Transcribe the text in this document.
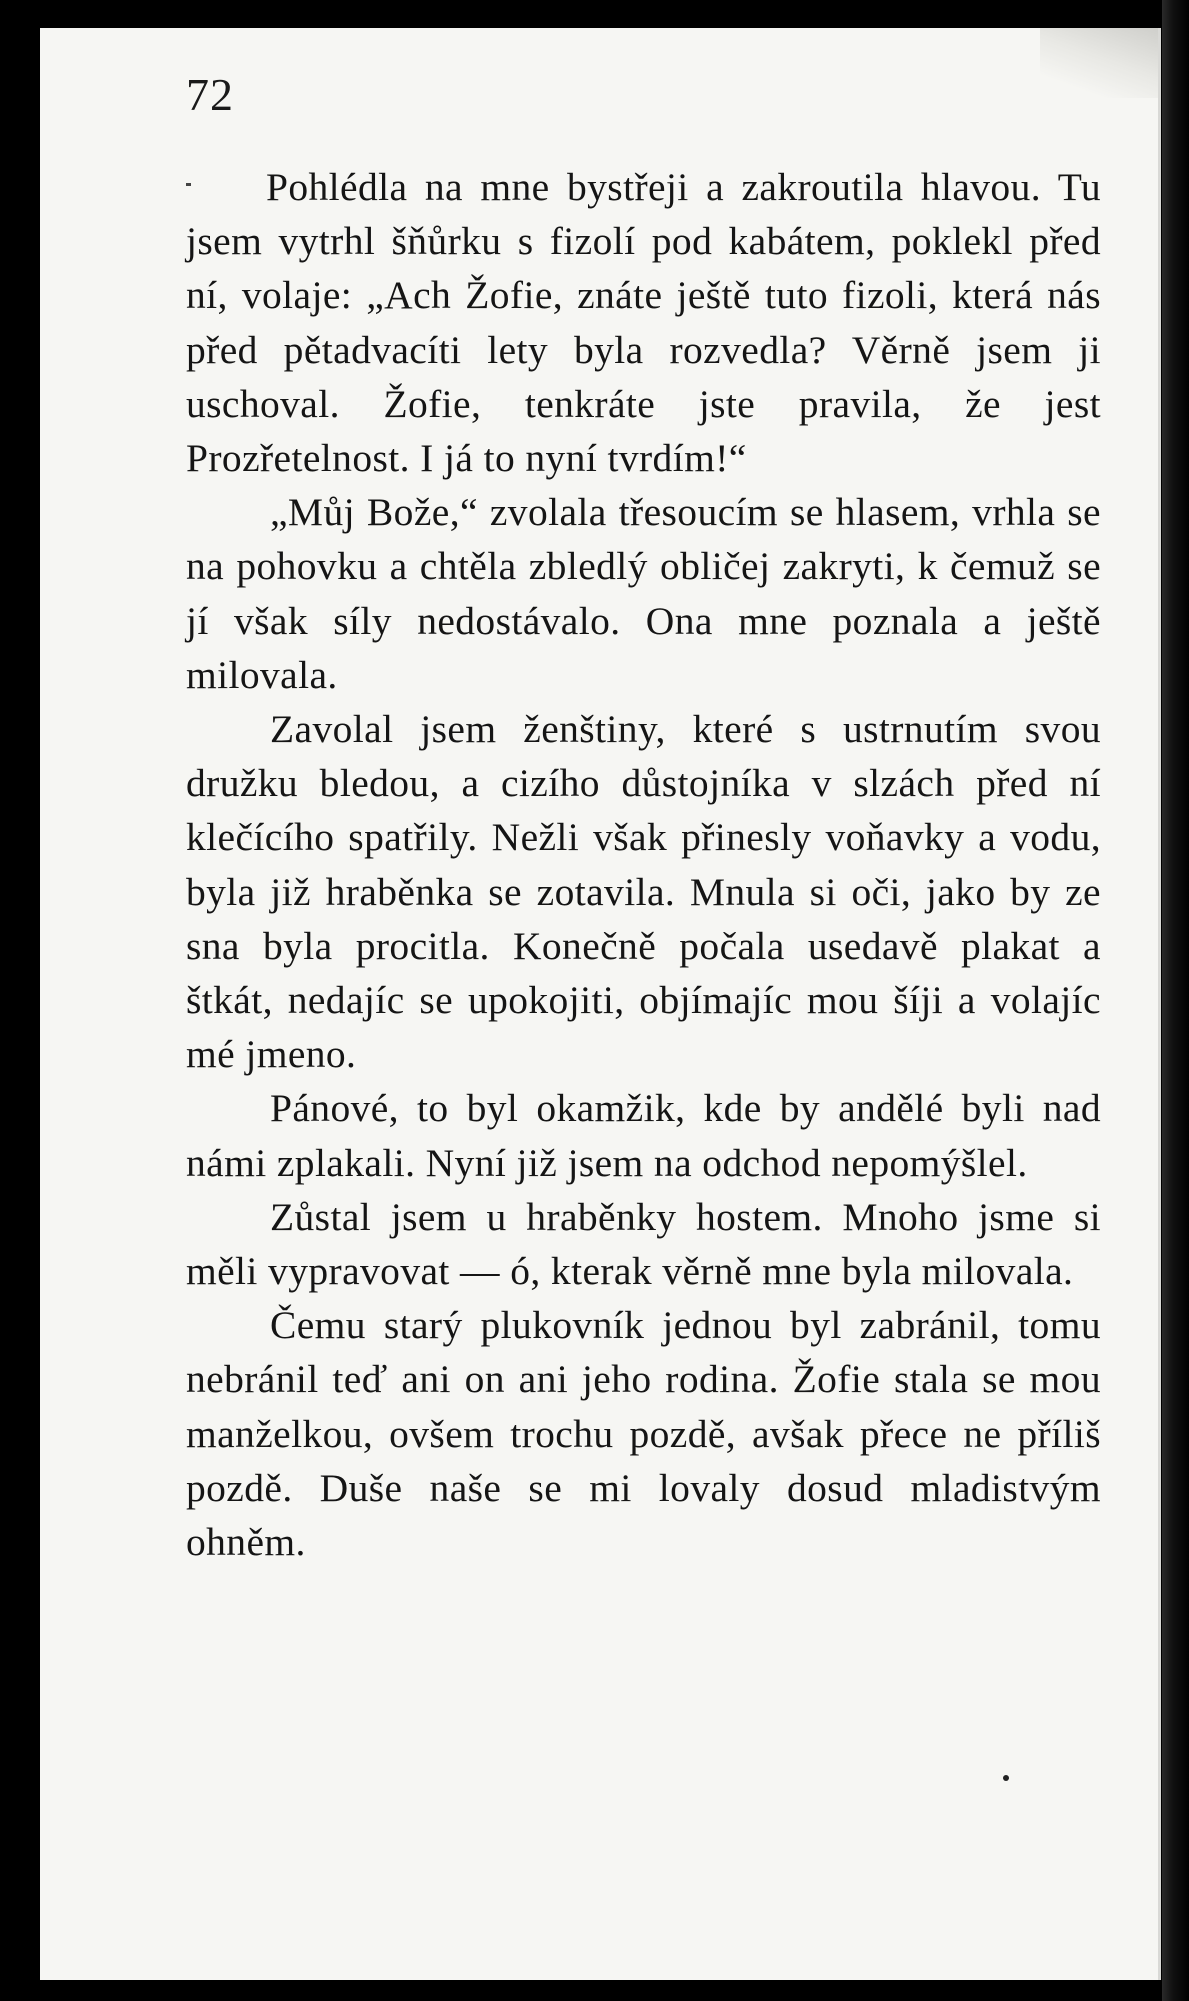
72

Pohlédla na mne bystřeji a zakroutila hlavou. Tu jsem vytrhl šňůrku s fizolí pod kabátem, poklekl před ní, volaje: „Ach Žofie, znáte ještě tuto fizoli, která nás před pětadvacíti lety byla rozvedla? Věrně jsem ji uschoval. Žofie, tenkráte jste pravila, že jest Prozřetelnost. I já to nyní tvrdím!“

„Můj Bože,“ zvolala třesoucím se hlasem, vrhla se na pohovku a chtěla zbledlý obličej zakryti, k čemuž se jí však síly nedostávalo. Ona mne poznala a ještě milovala.

Zavolal jsem ženštiny, které s ustrnutím svou družku bledou, a cizího důstojníka v slzách před ní klečícího spatřily. Nežli však přinesly voňavky a vodu, byla již hraběnka se zotavila. Mnula si oči, jako by ze sna byla procitla. Konečně počala usedavě plakat a štkát, nedajíc se upokojiti, objímajíc mou šíji a volajíc mé jmeno.

Pánové, to byl okamžik, kde by andělé byli nad námi zplakali. Nyní již jsem na odchod nepomýšlel.

Zůstal jsem u hraběnky hostem. Mnoho jsme si měli vypravovat — ó, kterak věrně mne byla milovala.

Čemu starý plukovník jednou byl zabránil, tomu nebránil teď ani on ani jeho rodina. Žofie stala se mou manželkou, ovšem trochu pozdě, avšak přece ne příliš pozdě. Duše naše se mi lovaly dosud mladistvým ohněm.
